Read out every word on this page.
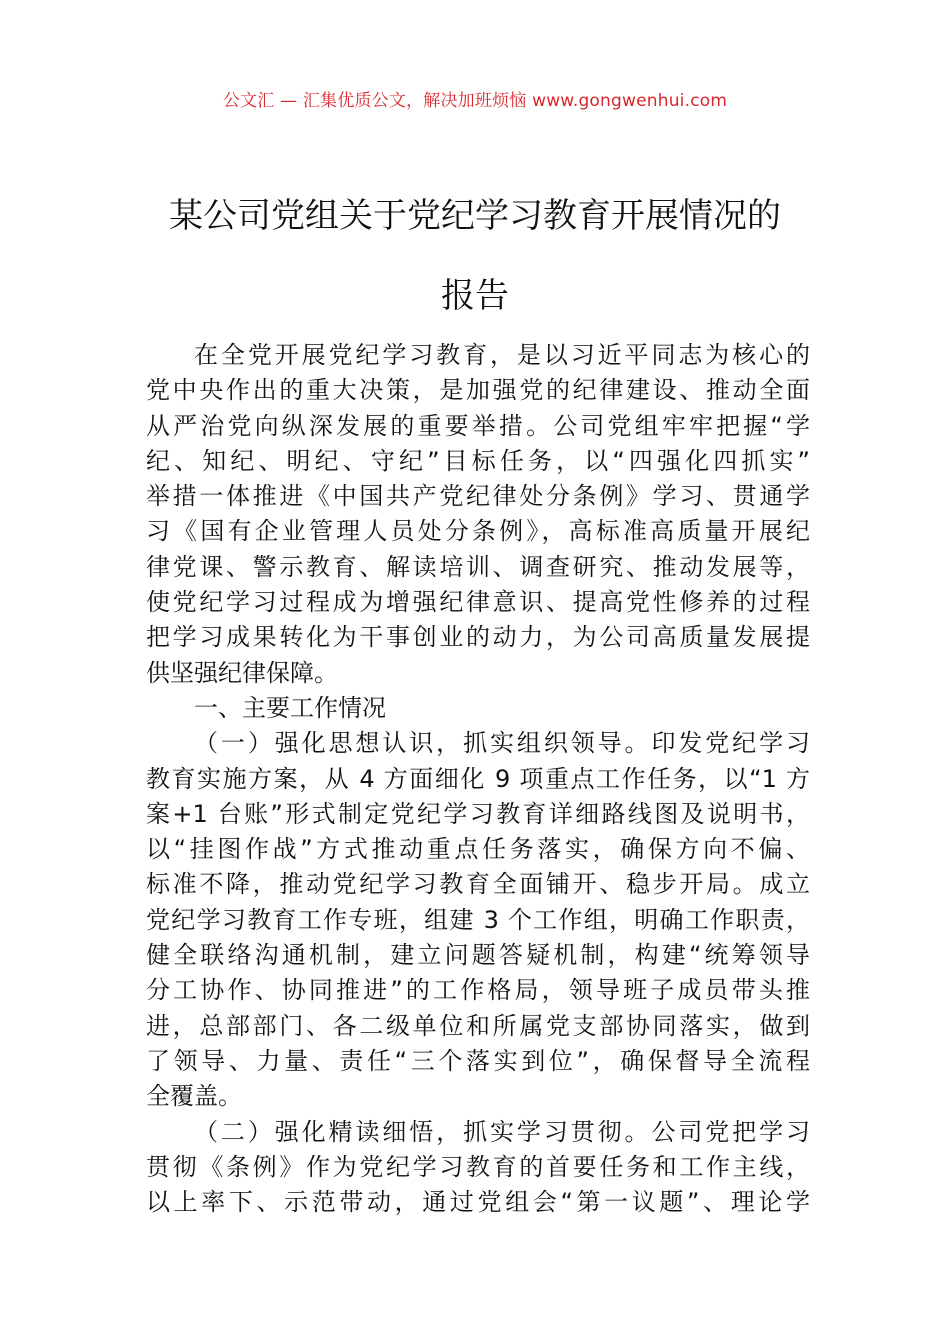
公文汇 — 汇集优质公文，解决加班烦恼 www.gongwenhui.com
某公司党组关于党纪学习教育开展情况的
报告
在全党开展党纪学习教育，是以习近平同志为核心的
党中央作出的重大决策，是加强党的纪律建设、推动全面
从严治党向纵深发展的重要举措。公司党组牢牢把握“学
纪、知纪、明纪、守纪”目标任务，以“四强化四抓实”
举措一体推进《中国共产党纪律处分条例》学习、贯通学
习《国有企业管理人员处分条例》，高标准高质量开展纪
律党课、警示教育、解读培训、调查研究、推动发展等，
使党纪学习过程成为增强纪律意识、提高党性修养的过程
把学习成果转化为干事创业的动力，为公司高质量发展提
供坚强纪律保障。
一、主要工作情况
（一）强化思想认识，抓实组织领导。印发党纪学习
教育实施方案，从 4 方面细化 9 项重点工作任务，以“1 方
案+1 台账”形式制定党纪学习教育详细路线图及说明书，
以“挂图作战”方式推动重点任务落实，确保方向不偏、
标准不降，推动党纪学习教育全面铺开、稳步开局。成立
党纪学习教育工作专班，组建 3 个工作组，明确工作职责，
健全联络沟通机制，建立问题答疑机制，构建“统筹领导
分工协作、协同推进”的工作格局，领导班子成员带头推
进，总部部门、各二级单位和所属党支部协同落实，做到
了领导、力量、责任“三个落实到位”，确保督导全流程
全覆盖。
（二）强化精读细悟，抓实学习贯彻。公司党把学习
贯彻《条例》作为党纪学习教育的首要任务和工作主线，
以上率下、示范带动，通过党组会“第一议题”、理论学
